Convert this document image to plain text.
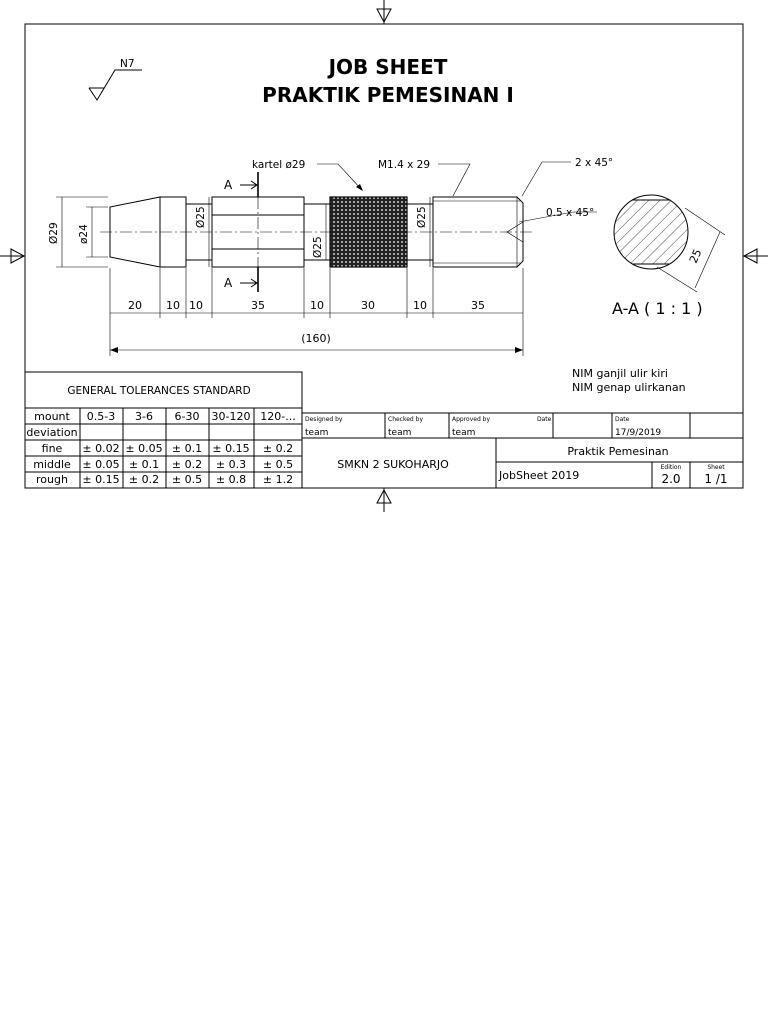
JOB SHEET
PRAKTIK PEMESINAN I
N7
A
A
kartel ø29	M1.4 x 29	2 x 45°
0.5 x 45°
Ø29 ø24
Ø25
Ø25
Ø25
20 10 10	35	10	30	10	35
(160)
25
A-A ( 1 : 1 )
NIM ganjil ulir kiri
NIM genap ulirkanan
GENERAL TOLERANCES STANDARD
mount 0.5-3 3-6 6-30 30-120 120-...
deviation
fine ± 0.02 ± 0.05 ± 0.1 ± 0.15 ± 0.2
middle ± 0.05 ± 0.1 ± 0.2 ± 0.3 ± 0.5
rough ± 0.15 ± 0.2 ± 0.5 ± 0.8 ± 1.2
Designed by
team
Checked by
team
Approved by
team
Date	Date
17/9/2019
SMKN 2 SUKOHARJO
Praktik Pemesinan
JobSheet 2019
Edition
2.0
Sheet
1 /1
